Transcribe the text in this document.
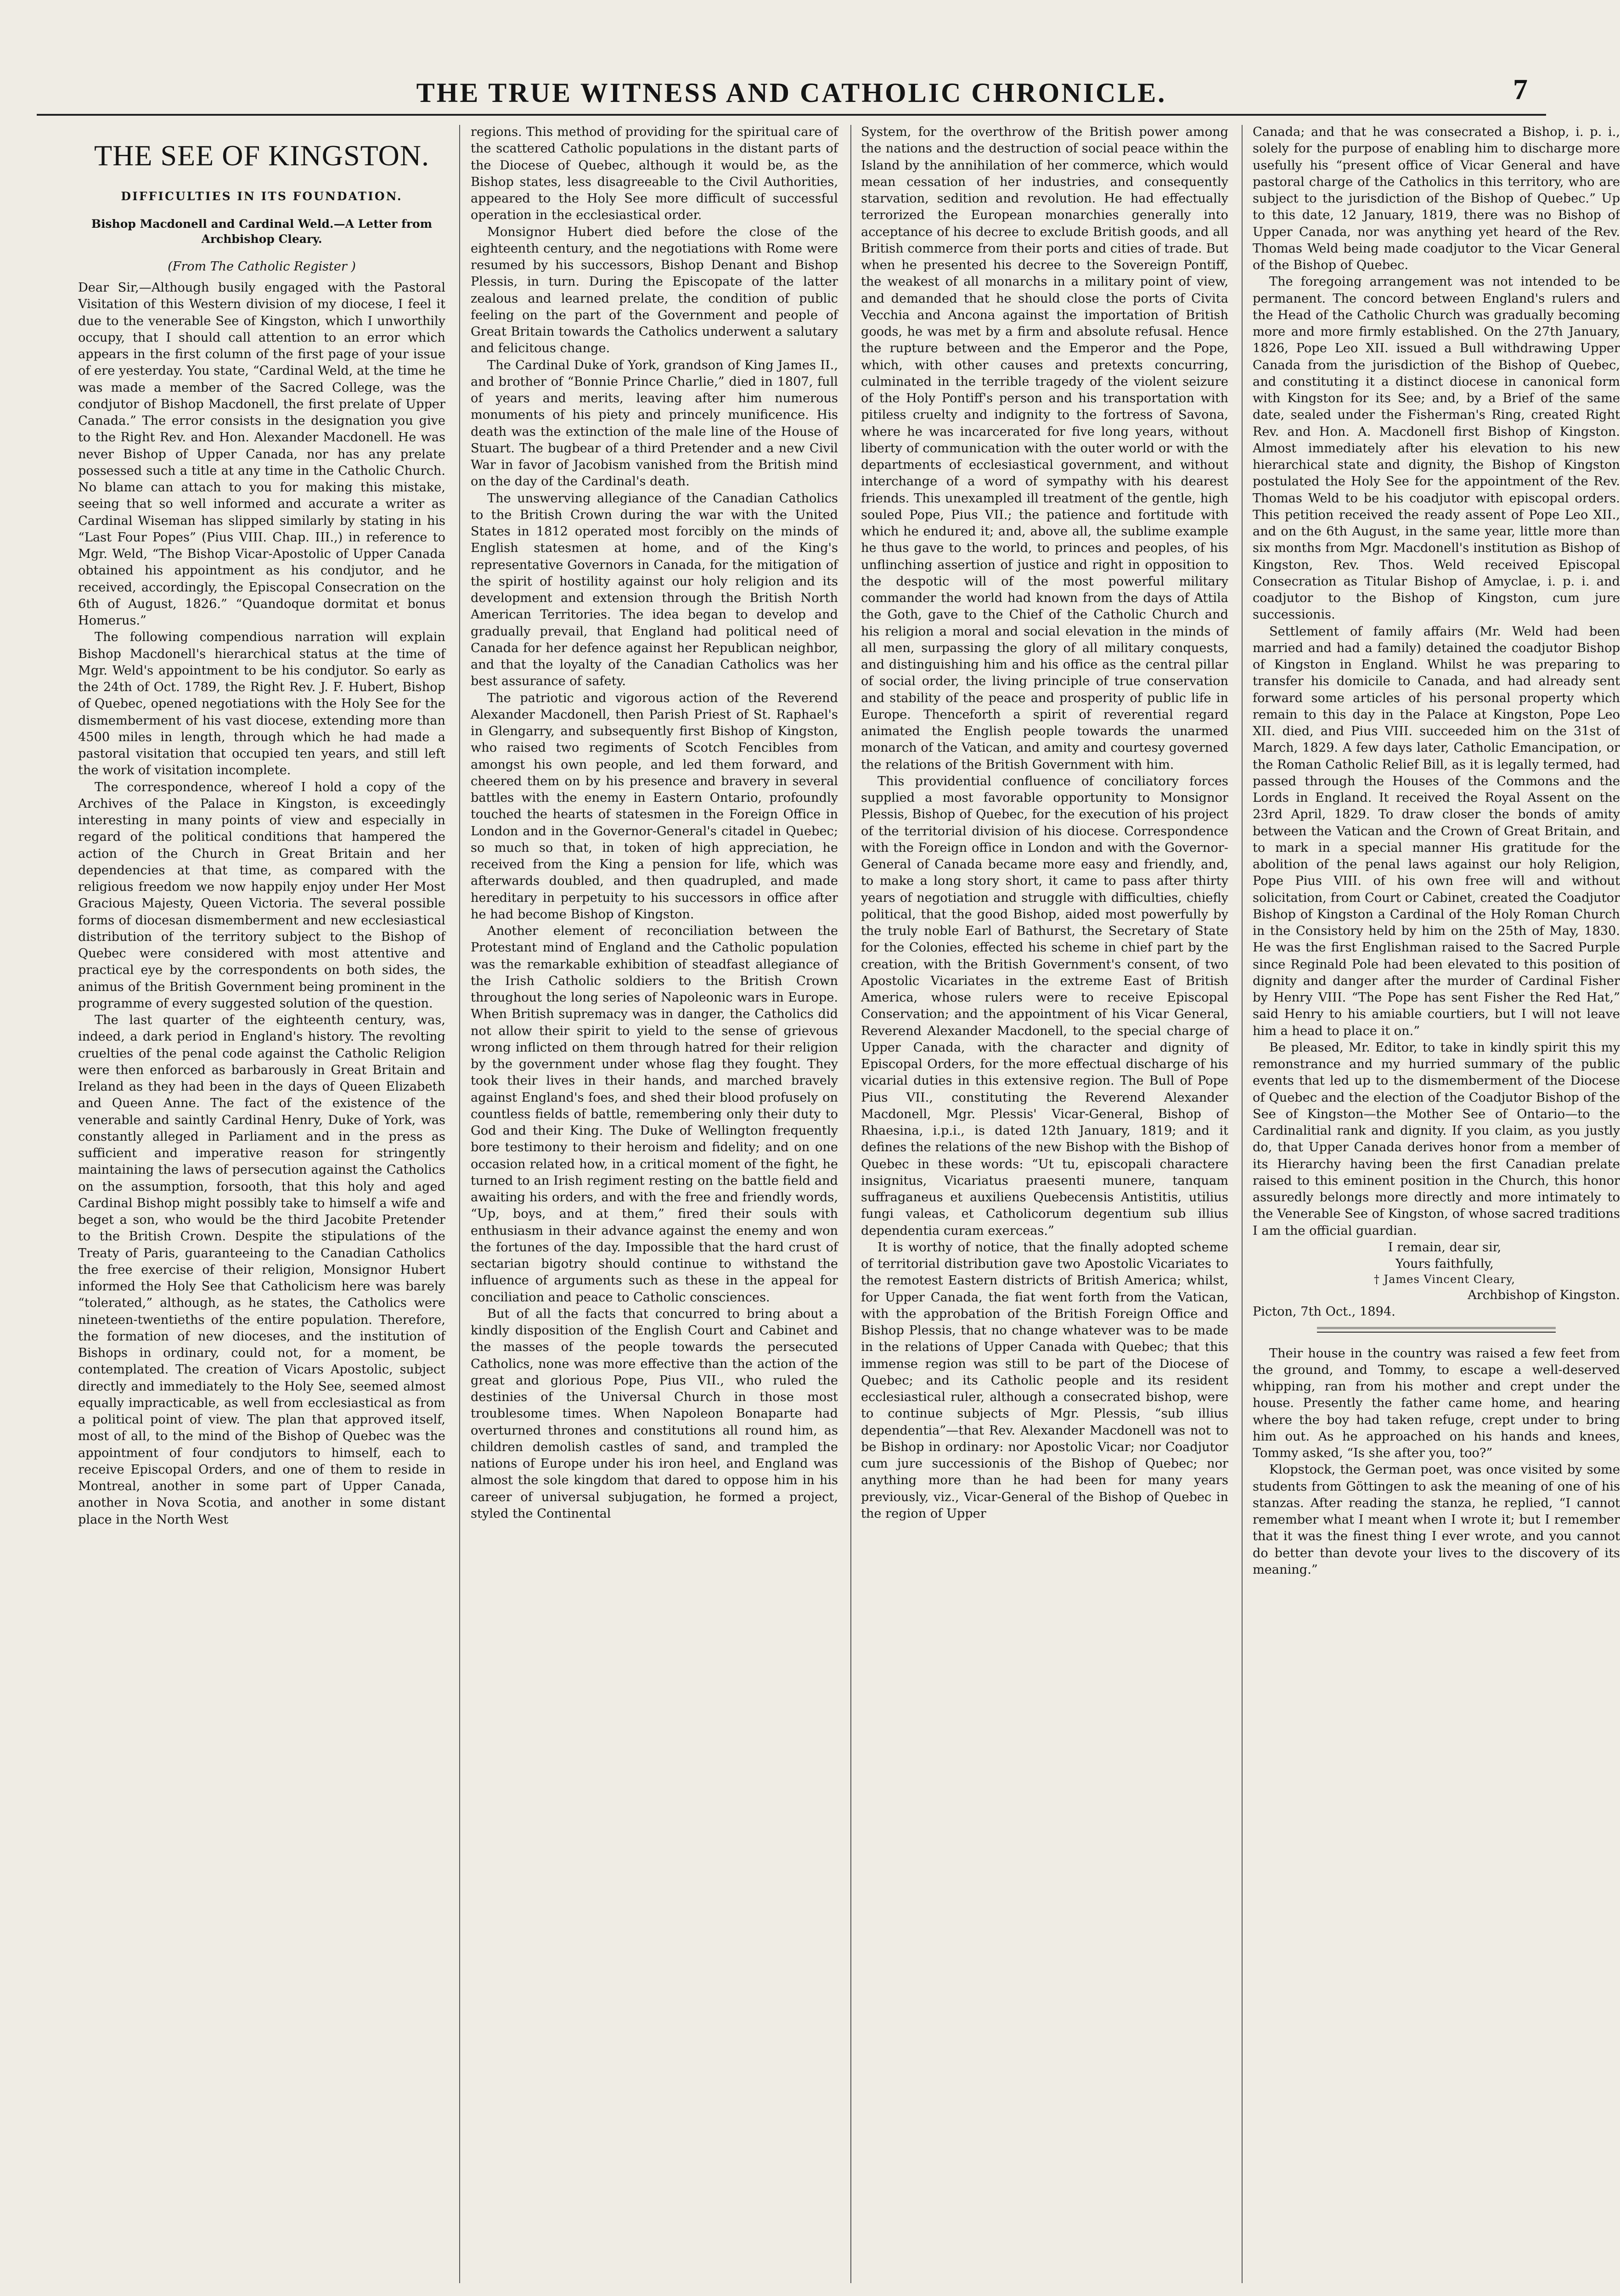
THE TRUE WITNESS AND CATHOLIC CHRONICLE.	7
THE SEE OF KINGSTON.
DIFFICULTIES IN ITS FOUNDATION.
Bishop Macdonell and Cardinal Weld.—A Letter from Archbishop Cleary.
(From The Catholic Register )

Dear Sir,—Although busily engaged with the Pastoral Visitation of this Western division of my diocese, I feel it due to the venerable See of Kingston, which I unworthily occupy, that I should call attention to an error which appears in the first column of the first page of your issue of ere yesterday. You state, “Cardinal Weld, at the time he was made a member of the Sacred College, was the condjutor of Bishop Macdonell, the first prelate of Upper Canada.” The error consists in the designation you give to the Right Rev. and Hon. Alexander Macdonell. He was never Bishop of Upper Canada, nor has any prelate possessed such a title at any time in the Catholic Church. No blame can attach to you for making this mistake, seeing that so well informed and accurate a writer as Cardinal Wiseman has slipped similarly by stating in his “Last Four Popes” (Pius VIII. Chap. III.,) in reference to Mgr. Weld, “The Bishop Vicar-Apostolic of Upper Canada obtained his appointment as his condjutor, and he received, accordingly, the Episcopal Consecration on the 6th of August, 1826.” “Quandoque dormitat et bonus Homerus.”

The following compendious narration will explain Bishop Macdonell's hierarchical status at the time of Mgr. Weld's appointment to be his condjutor. So early as the 24th of Oct. 1789, the Right Rev. J. F. Hubert, Bishop of Quebec, opened negotiations with the Holy See for the dismemberment of his vast diocese, extending more than 4500 miles in length, through which he had made a pastoral visitation that occupied ten years, and still left the work of visitation incomplete.

The correspondence, whereof I hold a copy of the Archives of the Palace in Kingston, is exceedingly interesting in many points of view and especially in regard of the political conditions that hampered the action of the Church in Great Britain and her dependencies at that time, as compared with the religious freedom we now happily enjoy under Her Most Gracious Majesty, Queen Victoria. The several possible forms of diocesan dismemberment and new ecclesiastical distribution of the territory subject to the Bishop of Quebec were considered with most attentive and practical eye by the correspondents on both sides, the animus of the British Government being prominent in the programme of every suggested solution of the question.

The last quarter of the eighteenth century, was, indeed, a dark period in England's history. The revolting cruelties of the penal code against the Catholic Religion were then enforced as barbarously in Great Britain and Ireland as they had been in the days of Queen Elizabeth and Queen Anne. The fact of the existence of the venerable and saintly Cardinal Henry, Duke of York, was constantly alleged in Parliament and in the press as sufficient and imperative reason for stringently maintaining the laws of persecution against the Catholics on the assumption, forsooth, that this holy and aged Cardinal Bishop might possibly take to himself a wife and beget a son, who would be the third Jacobite Pretender to the British Crown. Despite the stipulations of the Treaty of Paris, guaranteeing to the Canadian Catholics the free exercise of their religion, Monsignor Hubert informed the Holy See that Catholicism here was barely “tolerated,” although, as he states, the Catholics were nineteen-twentieths of the entire population. Therefore, the formation of new dioceses, and the institution of Bishops in ordinary, could not, for a moment, be contemplated. The creation of Vicars Apostolic, subject directly and immediately to the Holy See, seemed almost equally impracticable, as well from ecclesiastical as from a political point of view. The plan that approved itself, most of all, to the mind of the Bishop of Quebec was the appointment of four condjutors to himself, each to receive Episcopal Orders, and one of them to reside in Montreal, another in some part of Upper Canada, another in Nova Scotia, and another in some distant place in the North West

regions. This method of providing for the spiritual care of the scattered Catholic populations in the distant parts of the Diocese of Quebec, although it would be, as the Bishop states, less disagreeable to the Civil Authorities, appeared to the Holy See more difficult of successful operation in the ecclesiastical order.

Monsignor Hubert died before the close of the eighteenth century, and the negotiations with Rome were resumed by his successors, Bishop Denant and Bishop Plessis, in turn. During the Episcopate of the latter zealous and learned prelate, the condition of public feeling on the part of the Government and people of Great Britain towards the Catholics underwent a salutary and felicitous change.

The Cardinal Duke of York, grandson of King James II., and brother of “Bonnie Prince Charlie,” died in 1807, full of years and merits, leaving after him numerous monuments of his piety and princely munificence. His death was the extinction of the male line of the House of Stuart. The bugbear of a third Pretender and a new Civil War in favor of Jacobism vanished from the British mind on the day of the Cardinal's death.

The unswerving allegiance of the Canadian Catholics to the British Crown during the war with the United States in 1812 operated most forcibly on the minds of English statesmen at home, and of the King's representative Governors in Canada, for the mitigation of the spirit of hostility against our holy religion and its development and extension through the British North American Territories. The idea began to develop and gradually prevail, that England had political need of Canada for her defence against her Republican neighbor, and that the loyalty of the Canadian Catholics was her best assurance of safety.

The patriotic and vigorous action of the Reverend Alexander Macdonell, then Parish Priest of St. Raphael's in Glengarry, and subsequently first Bishop of Kingston, who raised two regiments of Scotch Fencibles from amongst his own people, and led them forward, and cheered them on by his presence and bravery in several battles with the enemy in Eastern Ontario, profoundly touched the hearts of statesmen in the Foreign Office in London and in the Governor-General's citadel in Quebec; so much so that, in token of high appreciation, he received from the King a pension for life, which was afterwards doubled, and then quadrupled, and made hereditary in perpetuity to his successors in office after he had become Bishop of Kingston.

Another element of reconciliation between the Protestant mind of England and the Catholic population was the remarkable exhibition of steadfast allegiance of the Irish Catholic soldiers to the British Crown throughout the long series of Napoleonic wars in Europe. When British supremacy was in danger, the Catholics did not allow their spirit to yield to the sense of grievous wrong inflicted on them through hatred for their religion by the government under whose flag they fought. They took their lives in their hands, and marched bravely against England's foes, and shed their blood profusely on countless fields of battle, remembering only their duty to God and their King. The Duke of Wellington frequently bore testimony to their heroism and fidelity; and on one occasion related how, in a critical moment of the fight, he turned to an Irish regiment resting on the battle field and awaiting his orders, and with the free and friendly words, “Up, boys, and at them,” fired their souls with enthusiasm in their advance against the enemy and won the fortunes of the day. Impossible that the hard crust of sectarian bigotry should continue to withstand the influence of arguments such as these in the appeal for conciliation and peace to Catholic consciences.

But of all the facts that concurred to bring about a kindly disposition of the English Court and Cabinet and the masses of the people towards the persecuted Catholics, none was more effective than the action of the great and glorious Pope, Pius VII., who ruled the destinies of the Universal Church in those most troublesome times. When Napoleon Bonaparte had overturned thrones and constitutions all round him, as children demolish castles of sand, and trampled the nations of Europe under his iron heel, and England was almost the sole kingdom that dared to oppose him in his career of universal subjugation, he formed a project, styled the Continental

System, for the overthrow of the British power among the nations and the destruction of social peace within the Island by the annihilation of her commerce, which would mean cessation of her industries, and consequently starvation, sedition and revolution. He had effectually terrorized the European monarchies generally into acceptance of his decree to exclude British goods, and all British commerce from their ports and cities of trade. But when he presented his decree to the Sovereign Pontiff, the weakest of all monarchs in a military point of view, and demanded that he should close the ports of Civita Vecchia and Ancona against the importation of British goods, he was met by a firm and absolute refusal. Hence the rupture between and the Emperor and the Pope, which, with other causes and pretexts concurring, culminated in the terrible tragedy of the violent seizure of the Holy Pontiff's person and his transportation with pitiless cruelty and indignity to the fortress of Savona, where he was incarcerated for five long years, without liberty of communication with the outer world or with the departments of ecclesiastical government, and without interchange of a word of sympathy with his dearest friends. This unexampled ill treatment of the gentle, high souled Pope, Pius VII.; the patience and fortitude with which he endured it; and, above all, the sublime example he thus gave to the world, to princes and peoples, of his unflinching assertion of justice and right in opposition to the despotic will of the most powerful military commander the world had known from the days of Attila the Goth, gave to the Chief of the Catholic Church and his religion a moral and social elevation in the minds of all men, surpassing the glory of all military conquests, and distinguishing him and his office as the central pillar of social order, the living principle of true conservation and stability of the peace and prosperity of public life in Europe. Thenceforth a spirit of reverential regard animated the English people towards the unarmed monarch of the Vatican, and amity and courtesy governed the relations of the British Government with him.

This providential confluence of conciliatory forces supplied a most favorable opportunity to Monsignor Plessis, Bishop of Quebec, for the execution of his project of the territorial division of his diocese. Correspondence with the Foreign office in London and with the Governor-General of Canada became more easy and friendly, and, to make a long story short, it came to pass after thirty years of negotiation and struggle with difficulties, chiefly political, that the good Bishop, aided most powerfully by the truly noble Earl of Bathurst, the Secretary of State for the Colonies, effected his scheme in chief part by the creation, with the British Government's consent, of two Apostolic Vicariates in the extreme East of British America, whose rulers were to receive Episcopal Conservation; and the appointment of his Vicar General, Reverend Alexander Macdonell, to the special charge of Upper Canada, with the character and dignity of Episcopal Orders, for the more effectual discharge of his vicarial duties in this extensive region. The Bull of Pope Pius VII., constituting the Reverend Alexander Macdonell, Mgr. Plessis' Vicar-General, Bishop of Rhaesina, i.p.i., is dated 12th January, 1819; and it defines the relations of the new Bishop with the Bishop of Quebec in these words: “Ut tu, episcopali charactere insignitus, Vicariatus praesenti munere, tanquam suffraganeus et auxiliens Quebecensis Antistitis, utilius fungi valeas, et Catholicorum degentium sub illius dependentia curam exerceas.”

It is worthy of notice, that the finally adopted scheme of territorial distribution gave two Apostolic Vicariates to the remotest Eastern districts of British America; whilst, for Upper Canada, the fiat went forth from the Vatican, with the approbation of the British Foreign Office and Bishop Plessis, that no change whatever was to be made in the relations of Upper Canada with Quebec; that this immense region was still to be part of the Diocese of Quebec; and its Catholic people and its resident ecclesiastical ruler, although a consecrated bishop, were to continue subjects of Mgr. Plessis, “sub illius dependentia”—that Rev. Alexander Macdonell was not to be Bishop in ordinary: nor Apostolic Vicar; nor Coadjutor cum jure successionis of the Bishop of Quebec; nor anything more than he had been for many years previously, viz., Vicar-General of the Bishop of Quebec in the region of Upper

Canada; and that he was consecrated a Bishop, i. p. i., solely for the purpose of enabling him to discharge more usefully his “present office of Vicar General and have pastoral charge of the Catholics in this territory, who are subject to the jurisdiction of the Bishop of Quebec.” Up to this date, 12 January, 1819, there was no Bishop of Upper Canada, nor was anything yet heard of the Rev. Thomas Weld being made coadjutor to the Vicar General of the Bishop of Quebec.

The foregoing arrangement was not intended to be permanent. The concord between England's rulers and the Head of the Catholic Church was gradually becoming more and more firmly established. On the 27th January, 1826, Pope Leo XII. issued a Bull withdrawing Upper Canada from the jurisdiction of the Bishop of Quebec, and constituting it a distinct diocese in canonical form with Kingston for its See; and, by a Brief of the same date, sealed under the Fisherman's Ring, created Right Rev. and Hon. A. Macdonell first Bishop of Kingston. Almost immediately after his elevation to his new hierarchical state and dignity, the Bishop of Kingston postulated the Holy See for the appointment of the Rev. Thomas Weld to be his coadjutor with episcopal orders. This petition received the ready assent of Pope Leo XII., and on the 6th August, in the same year, little more than six months from Mgr. Macdonell's institution as Bishop of Kingston, Rev. Thos. Weld received Episcopal Consecration as Titular Bishop of Amyclae, i. p. i. and coadjutor to the Bishop of Kingston, cum jure successionis.

Settlement of family affairs (Mr. Weld had been married and had a family) detained the coadjutor Bishop of Kingston in England. Whilst he was preparing to transfer his domicile to Canada, and had already sent forward some articles of his personal property which remain to this day in the Palace at Kingston, Pope Leo XII. died, and Pius VIII. succeeded him on the 31st of March, 1829. A few days later, Catholic Emancipation, or the Roman Catholic Relief Bill, as it is legally termed, had passed through the Houses of the Commons and the Lords in England. It received the Royal Assent on the 23rd April, 1829. To draw closer the bonds of amity between the Vatican and the Crown of Great Britain, and to mark in a special manner His gratitude for the abolition of the penal laws against our holy Religion, Pope Pius VIII. of his own free will and without solicitation, from Court or Cabinet, created the Coadjutor Bishop of Kingston a Cardinal of the Holy Roman Church in the Consistory held by him on the 25th of May, 1830. He was the first Englishman raised to the Sacred Purple since Reginald Pole had been elevated to this position of dignity and danger after the murder of Cardinal Fisher by Henry VIII. “The Pope has sent Fisher the Red Hat,” said Henry to his amiable courtiers, but I will not leave him a head to place it on.”

Be pleased, Mr. Editor, to take in kindly spirit this my remonstrance and my hurried summary of the public events that led up to the dismemberment of the Diocese of Quebec and the election of the Coadjutor Bishop of the See of Kingston—the Mother See of Ontario—to the Cardinalitial rank and dignity. If you claim, as you justly do, that Upper Canada derives honor from a member of its Hierarchy having been the first Canadian prelate raised to this eminent position in the Church, this honor assuredly belongs more directly and more intimately to the Venerable See of Kingston, of whose sacred traditions I am the official guardian.

I remain, dear sir,

Yours faithfully,

† James Vincent Cleary,

Archbishop of Kingston.

Picton, 7th Oct., 1894.

Their house in the country was raised a few feet from the ground, and Tommy, to escape a well-deserved whipping, ran from his mother and crept under the house. Presently the father came home, and hearing where the boy had taken refuge, crept under to bring him out. As he approached on his hands and knees, Tommy asked, “Is she after you, too?”

Klopstock, the German poet, was once visited by some students from Göttingen to ask the meaning of one of his stanzas. After reading the stanza, he replied, “I cannot remember what I meant when I wrote it; but I remember that it was the finest thing I ever wrote, and you cannot do better than devote your lives to the discovery of its meaning.”
